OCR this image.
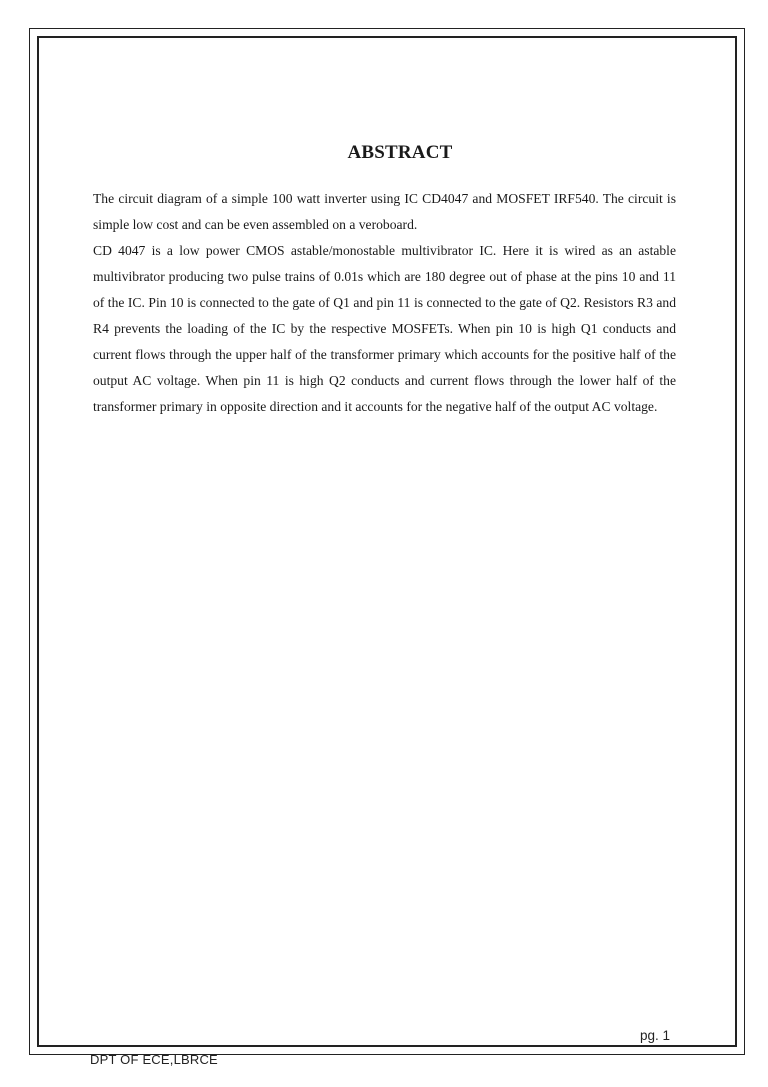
ABSTRACT

The circuit diagram of a simple 100 watt inverter using IC CD4047 and MOSFET IRF540. The circuit is simple low cost and can be even assembled on a veroboard.

CD 4047 is a low power CMOS astable/monostable multivibrator IC. Here it is wired as an astable multivibrator producing two pulse trains of 0.01s which are 180 degree out of phase at the pins 10 and 11 of the IC. Pin 10 is connected to the gate of Q1 and pin 11 is connected to the gate of Q2. Resistors R3 and R4 prevents the loading of the IC by the respective MOSFETs. When pin 10 is high Q1 conducts and current flows through the upper half of the transformer primary which accounts for the positive half of the output AC voltage. When pin 11 is high Q2 conducts and current flows through the lower half of the transformer primary in opposite direction and it accounts for the negative half of the output AC voltage.

pg. 1
DPT OF ECE,LBRCE
